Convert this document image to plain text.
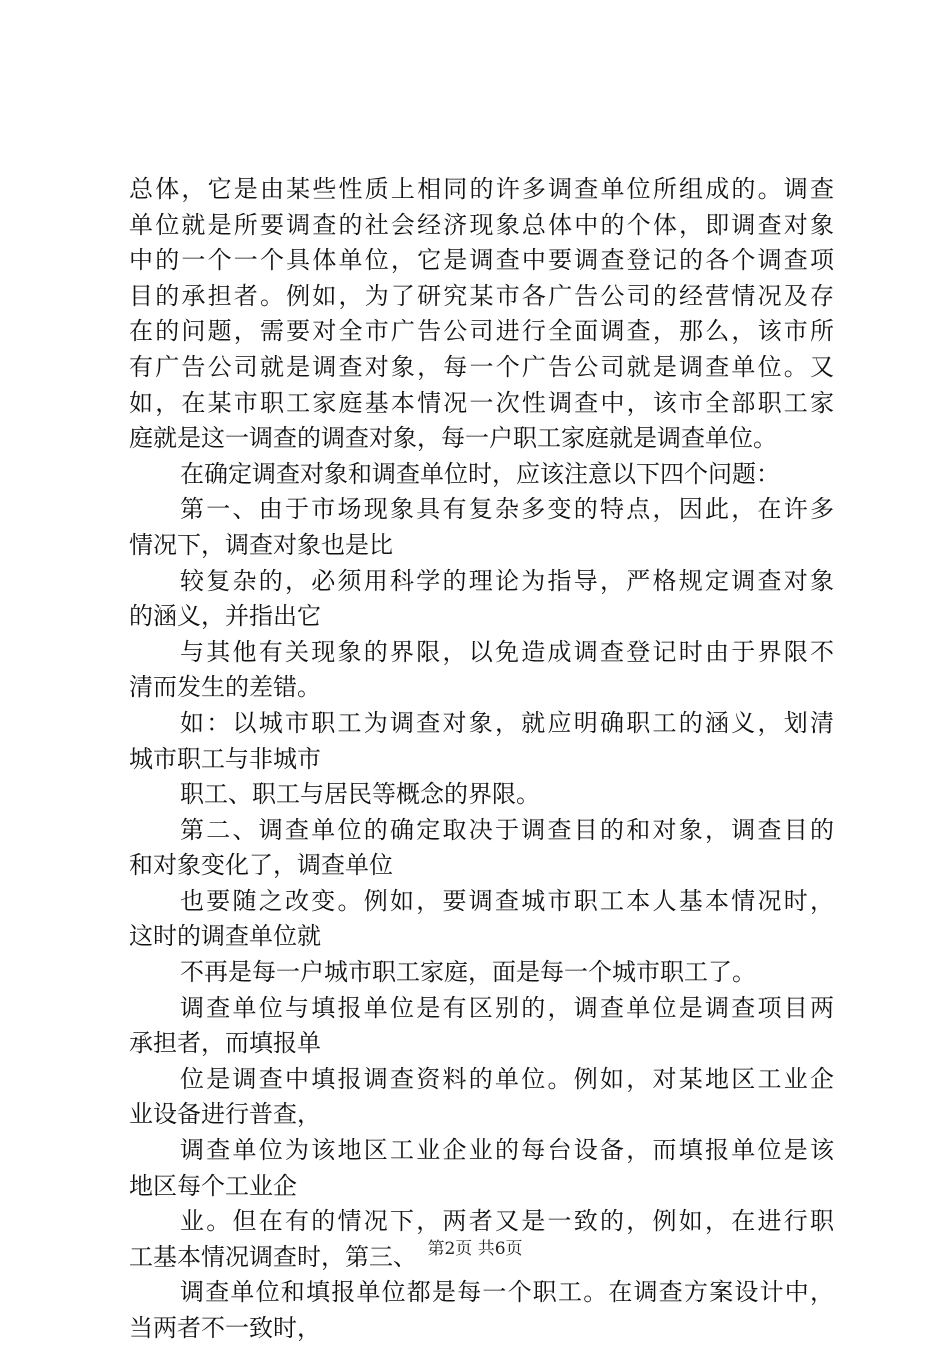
总体，它是由某些性质上相同的许多调查单位所组成的。调查
单位就是所要调查的社会经济现象总体中的个体，即调查对象
中的一个一个具体单位，它是调查中要调查登记的各个调查项
目的承担者。例如，为了研究某市各广告公司的经营情况及存
在的问题，需要对全市广告公司进行全面调查，那么，该市所
有广告公司就是调查对象，每一个广告公司就是调查单位。又
如，在某市职工家庭基本情况一次性调查中，该市全部职工家
庭就是这一调查的调查对象，每一户职工家庭就是调查单位。
在确定调查对象和调查单位时，应该注意以下四个问题：
第一、由于市场现象具有复杂多变的特点，因此，在许多
情况下，调查对象也是比
较复杂的，必须用科学的理论为指导，严格规定调查对象
的涵义，并指出它
与其他有关现象的界限，以免造成调查登记时由于界限不
清而发生的差错。
如：以城市职工为调查对象，就应明确职工的涵义，划清
城市职工与非城市
职工、职工与居民等概念的界限。
第二、调查单位的确定取决于调查目的和对象，调查目的
和对象变化了，调查单位
也要随之改变。例如，要调查城市职工本人基本情况时，
这时的调查单位就
不再是每一户城市职工家庭，面是每一个城市职工了。
调查单位与填报单位是有区别的，调查单位是调查项目两
承担者，而填报单
位是调查中填报调查资料的单位。例如，对某地区工业企
业设备进行普查，
调查单位为该地区工业企业的每台设备，而填报单位是该
地区每个工业企
业。但在有的情况下，两者又是一致的，例如，在进行职
工基本情况调查时，第三、
调查单位和填报单位都是每一个职工。在调查方案设计中，
当两者不一致时，
第2页 共6页
